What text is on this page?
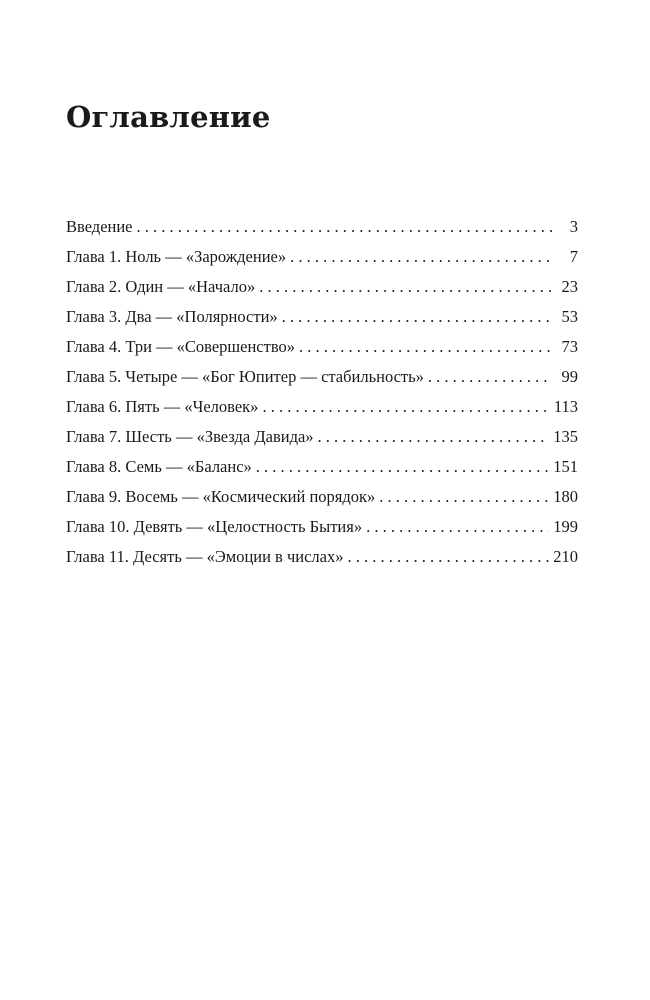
Оглавление
Введение . . .	3
Глава 1. Ноль — «Зарождение» . . .	7
Глава 2. Один — «Начало» . . .	23
Глава 3. Два — «Полярности» . . .	53
Глава 4. Три — «Совершенство» . . .	73
Глава 5. Четыре — «Бог Юпитер — стабильность» . . .	99
Глава 6. Пять — «Человек» . . .	113
Глава 7. Шесть — «Звезда Давида» . . .	135
Глава 8. Семь — «Баланс» . . .	151
Глава 9. Восемь — «Космический порядок» . . .	180
Глава 10. Девять — «Целостность Бытия» . . .	199
Глава 11. Десять — «Эмоции в числах» . . .	210
